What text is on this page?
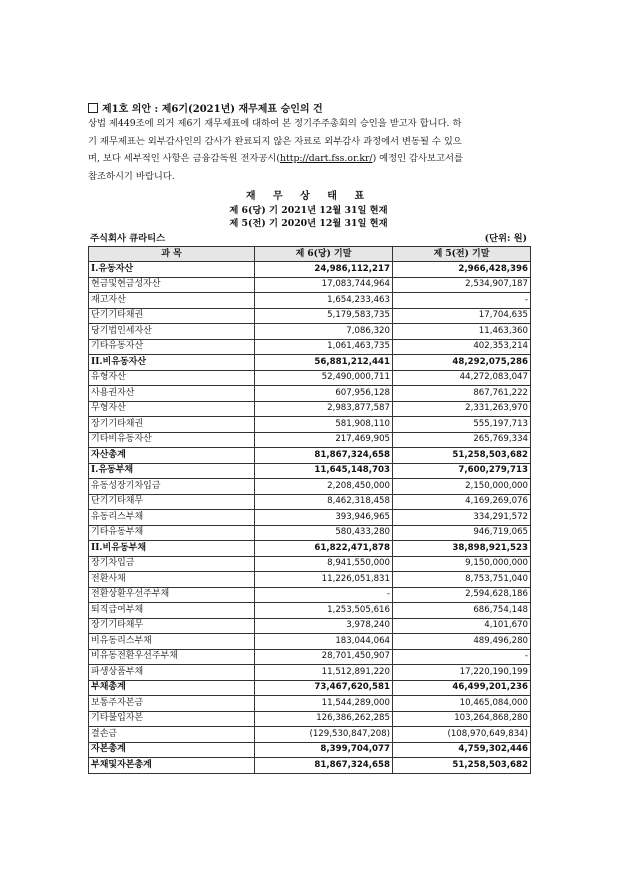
제1호 의안 : 제6기(2021년) 재무제표 승인의 건
상법 제449조에 의거 제6기 재무제표에 대하여 본 정기주주총회의 승인을 받고자 합니다. 하
기 재무제표는 외부감사인의 감사가 완료되지 않은 자료로 외부감사 과정에서 변동될 수 있으
며, 보다 세부적인 사항은 금융감독원 전자공시(http://dart.fss.or.kr/) 예정인 감사보고서를
참조하시기 바랍니다.
재 무 상 태 표
제 6(당) 기 2021년 12월 31일 현재
제 5(전) 기 2020년 12월 31일 현재
주식회사 큐라티스	(단위: 원)
과 목	제 6(당) 기말	제 5(전) 기말
I.유동자산	24,986,112,217	2,966,428,396
현금및현금성자산	17,083,744,964	2,534,907,187
재고자산	1,654,233,463	-
단기기타채권	5,179,583,735	17,704,635
당기법인세자산	7,086,320	11,463,360
기타유동자산	1,061,463,735	402,353,214
II.비유동자산	56,881,212,441	48,292,075,286
유형자산	52,490,000,711	44,272,083,047
사용권자산	607,956,128	867,761,222
무형자산	2,983,877,587	2,331,263,970
장기기타채권	581,908,110	555,197,713
기타비유동자산	217,469,905	265,769,334
자산총계	81,867,324,658	51,258,503,682
I.유동부채	11,645,148,703	7,600,279,713
유동성장기차입금	2,208,450,000	2,150,000,000
단기기타채무	8,462,318,458	4,169,269,076
유동리스부채	393,946,965	334,291,572
기타유동부채	580,433,280	946,719,065
II.비유동부채	61,822,471,878	38,898,921,523
장기차입금	8,941,550,000	9,150,000,000
전환사채	11,226,051,831	8,753,751,040
전환상환우선주부채	-	2,594,628,186
퇴직급여부채	1,253,505,616	686,754,148
장기기타채무	3,978,240	4,101,670
비유동리스부채	183,044,064	489,496,280
비유동전환우선주부채	28,701,450,907	-
파생상품부채	11,512,891,220	17,220,190,199
부채총계	73,467,620,581	46,499,201,236
보통주자본금	11,544,289,000	10,465,084,000
기타불입자본	126,386,262,285	103,264,868,280
결손금	(129,530,847,208)	(108,970,649,834)
자본총계	8,399,704,077	4,759,302,446
부채및자본총계	81,867,324,658	51,258,503,682
